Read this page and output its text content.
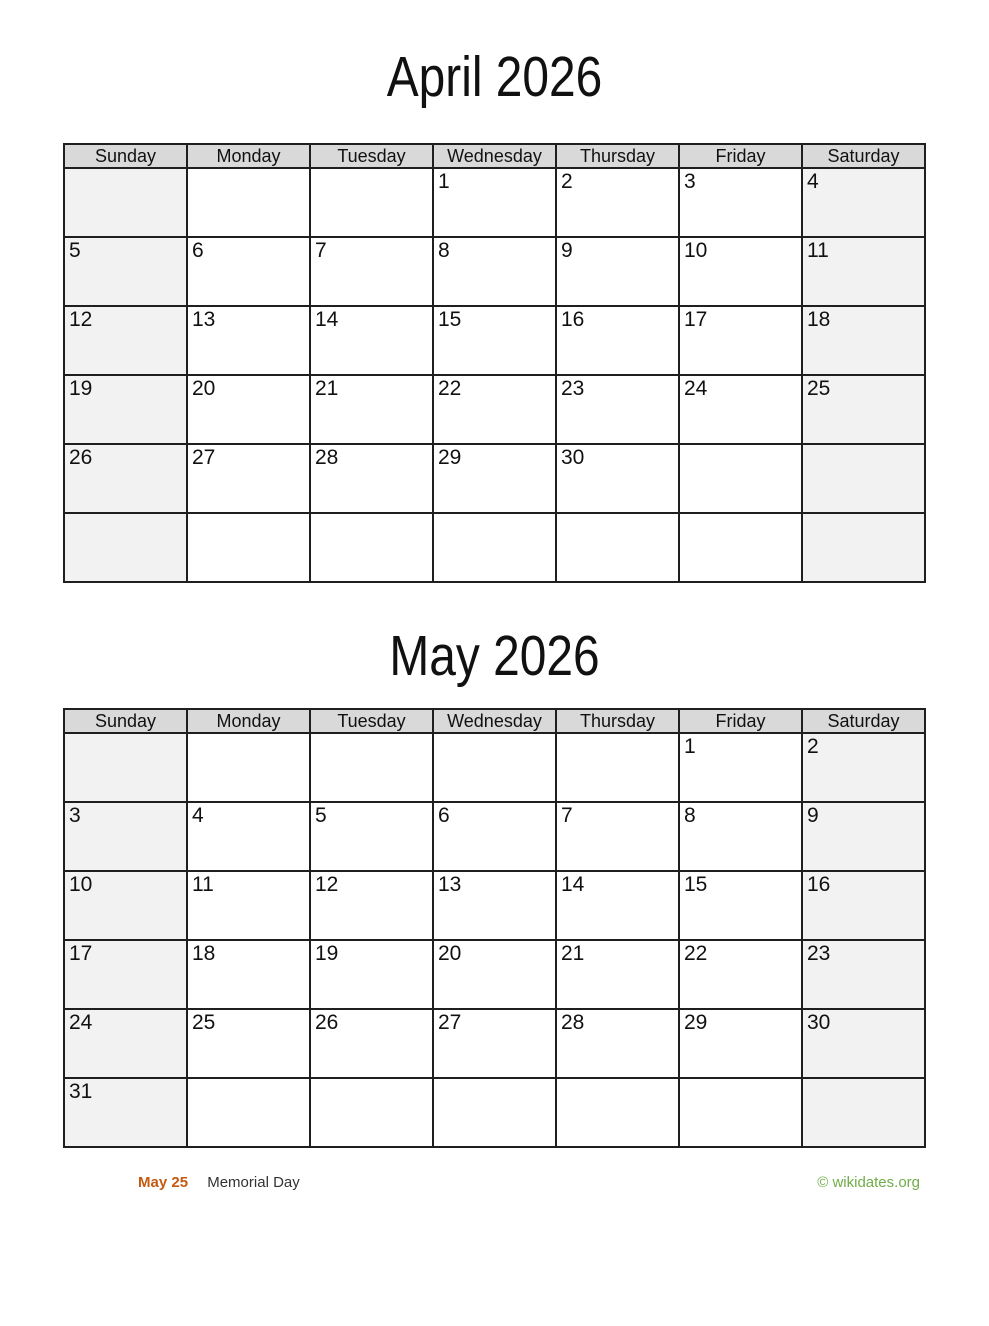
April 2026
Sunday	Monday	Tuesday	Wednesday	Thursday	Friday	Saturday

			1	2	3	4

5	6	7	8	9	10	11

12	13	14	15	16	17	18

19	20	21	22	23	24	25

26	27	28	29	30		

May 2026
Sunday	Monday	Tuesday	Wednesday	Thursday	Friday	Saturday

					1	2

3	4	5	6	7	8	9

10	11	12	13	14	15	16

17	18	19	20	21	22	23

24	25	26	27	28	29	30

31						

May 25 Memorial Day	© wikidates.org
